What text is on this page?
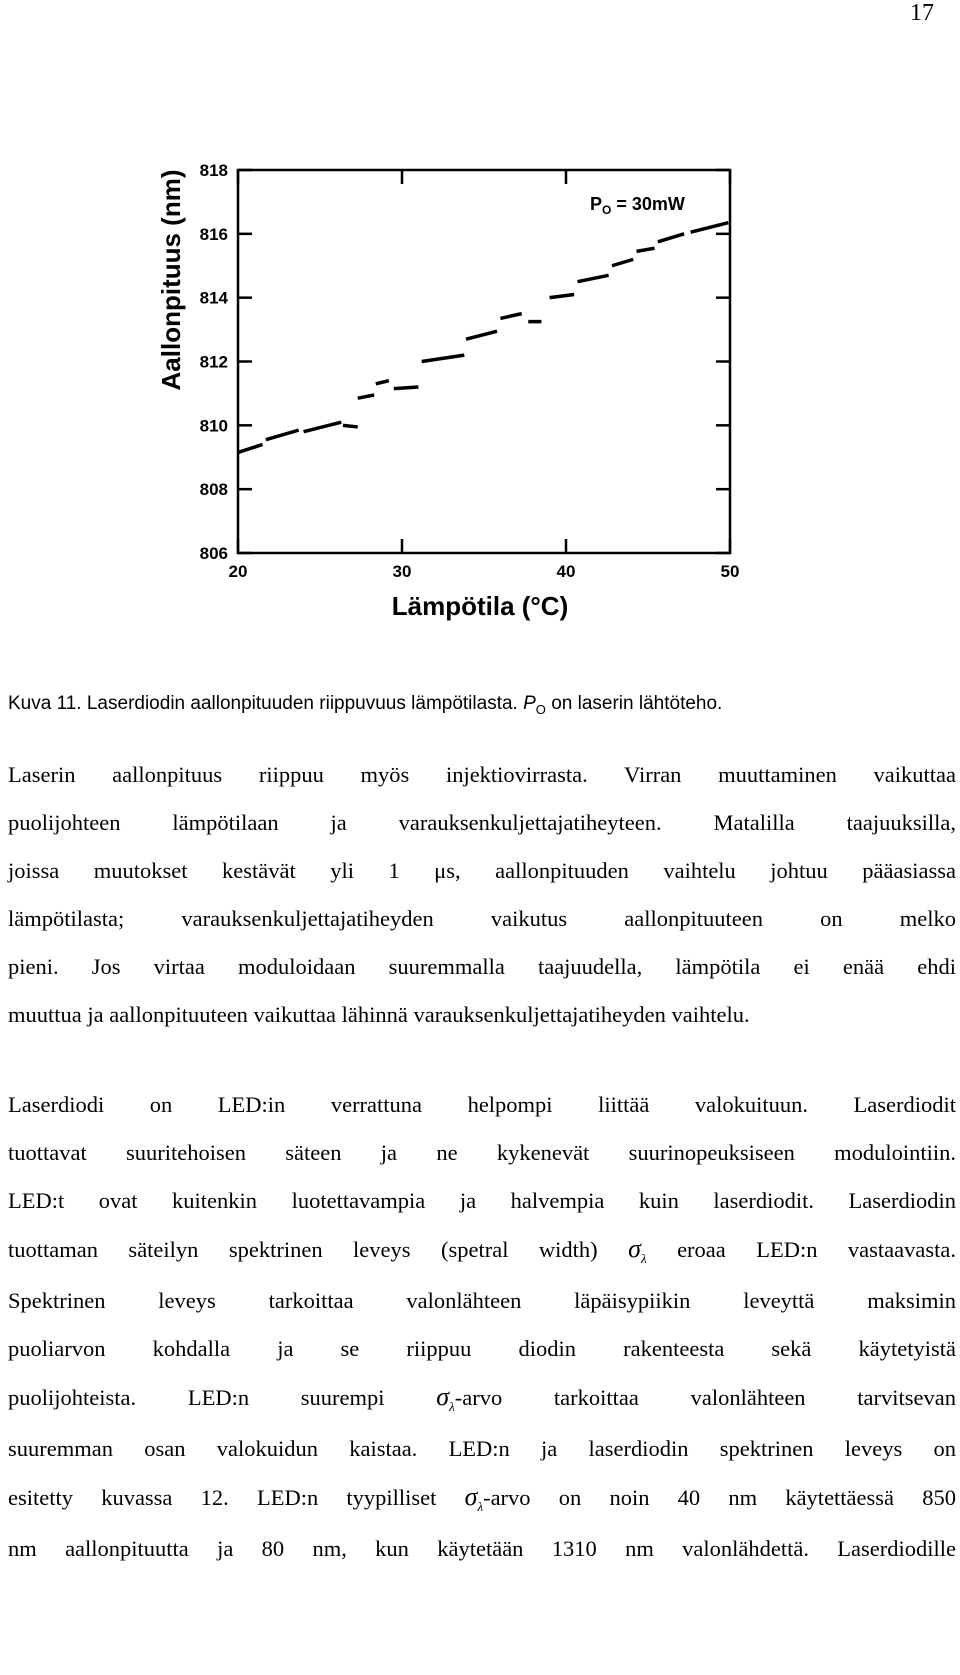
17
20	30	40	50
806
808
810
812
814
816
818
Aallonpituus (nm)
Lämpötila (°C)
$P_O = 30mW$
Kuva 11. Laserdiodin aallonpituuden riippuvuus lämpötilasta. $P_O$ on laserin lähtöteho.
Laserin aallonpituus riippuu myös injektiovirrasta. Virran muuttaminen vaikuttaa
puolijohteen lämpötilaan ja varauksenkuljettajatiheyteen. Matalilla taajuuksilla,
joissa muutokset kestävät yli 1 μs, aallonpituuden vaihtelu johtuu pääasiassa
lämpötilasta; varauksenkuljettajatiheyden vaikutus aallonpituuteen on melko
pieni. Jos virtaa moduloidaan suuremmalla taajuudella, lämpötila ei enää ehdi
muuttua ja aallonpituuteen vaikuttaa lähinnä varauksenkuljettajatiheyden vaihtelu.
Laserdiodi on LED:in verrattuna helpompi liittää valokuituun. Laserdiodit
tuottavat suuritehoisen säteen ja ne kykenevät suurinopeuksiseen modulointiin.
LED:t ovat kuitenkin luotettavampia ja halvempia kuin laserdiodit. Laserdiodin
tuottaman säteilyn spektrinen leveys (spetral width) $\sigma_\lambda$ eroaa LED:n vastaavasta.
Spektrinen leveys tarkoittaa valonlähteen läpäisypiikin leveyttä maksimin
puoliarvon kohdalla ja se riippuu diodin rakenteesta sekä käytetyistä
puolijohteista. LED:n suurempi $\sigma_\lambda$-arvo tarkoittaa valonlähteen tarvitsevan
suuremman osan valokuidun kaistaa. LED:n ja laserdiodin spektrinen leveys on
esitetty kuvassa 12. LED:n tyypilliset $\sigma_\lambda$-arvo on noin 40 nm käytettäessä 850
nm aallonpituutta ja 80 nm, kun käytetään 1310 nm valonlähdettä. Laserdiodille
